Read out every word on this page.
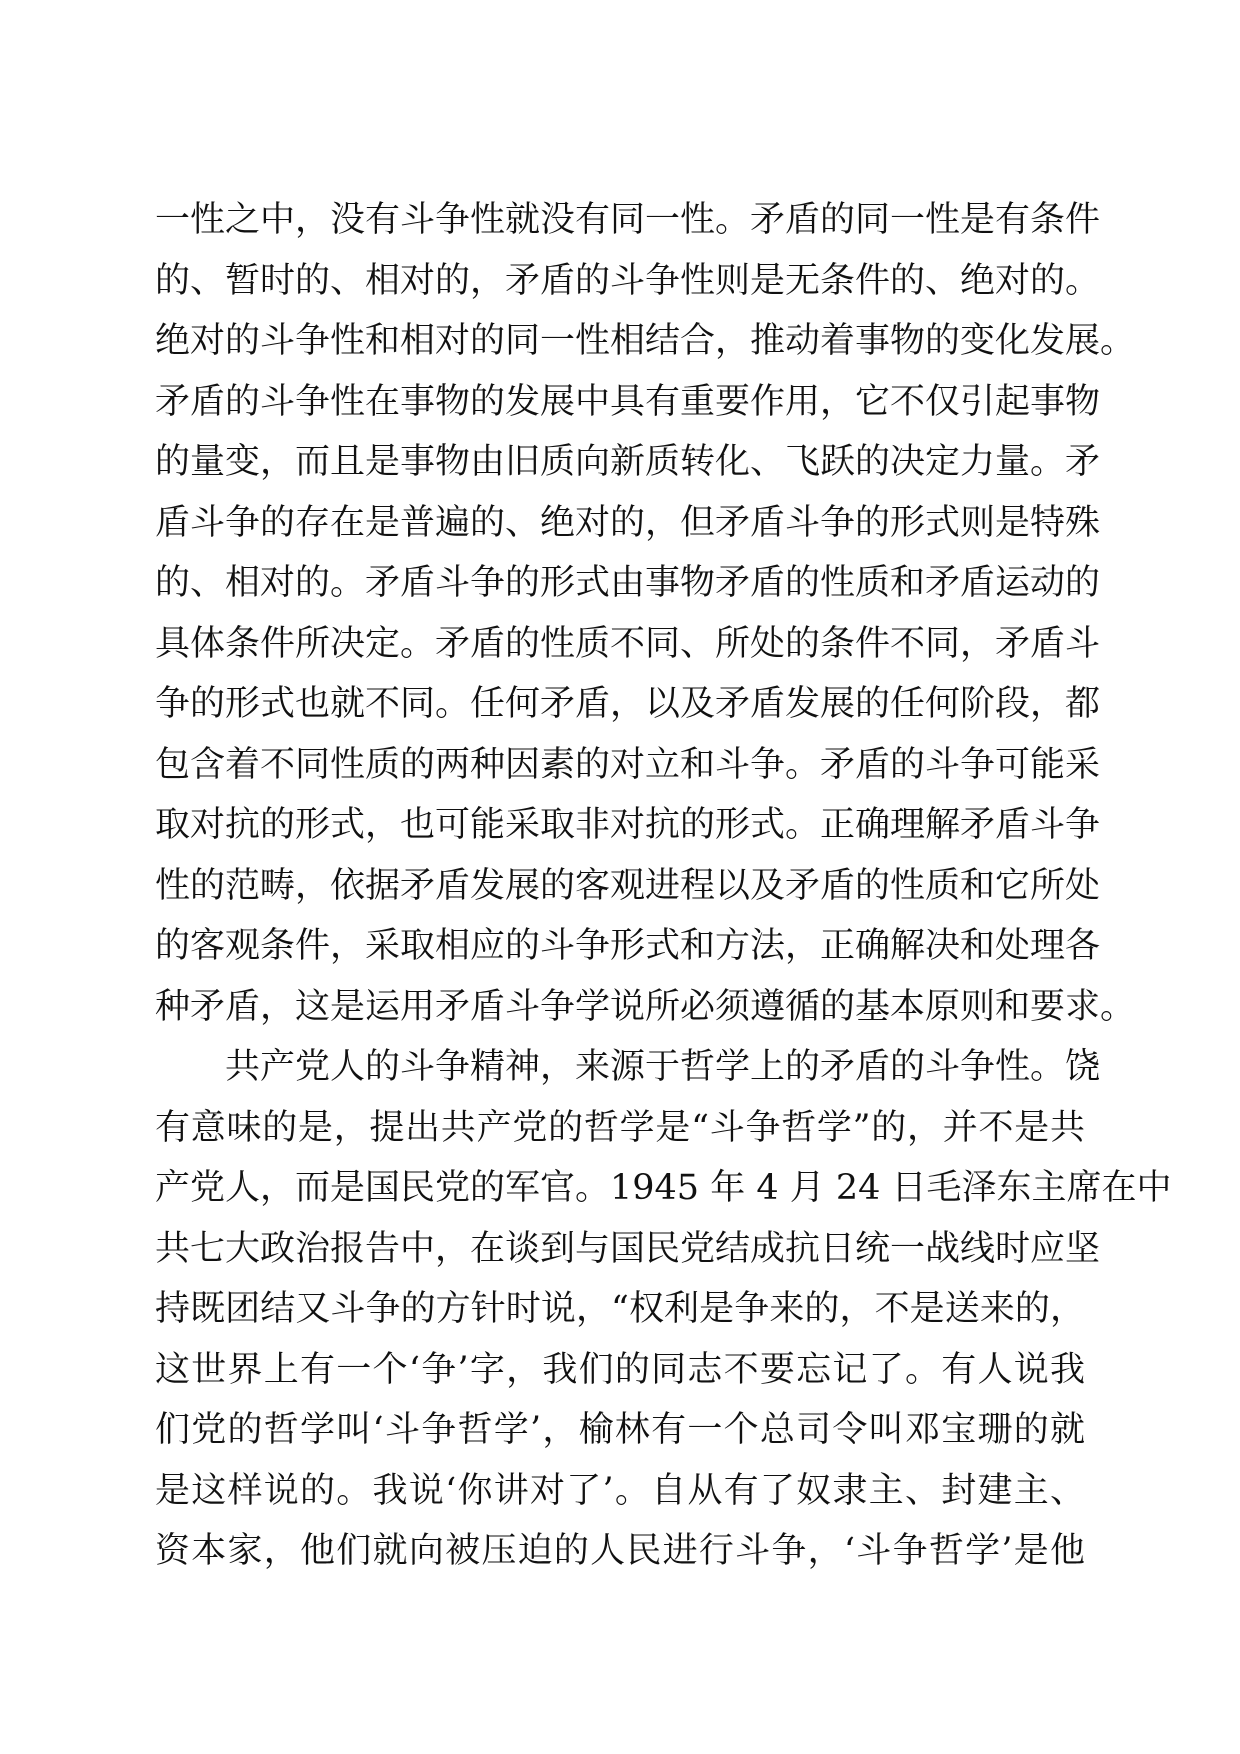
一性之中，没有斗争性就没有同一性。矛盾的同一性是有条件
的、暂时的、相对的，矛盾的斗争性则是无条件的、绝对的。
绝对的斗争性和相对的同一性相结合，推动着事物的变化发展。
矛盾的斗争性在事物的发展中具有重要作用，它不仅引起事物
的量变，而且是事物由旧质向新质转化、飞跃的决定力量。矛
盾斗争的存在是普遍的、绝对的，但矛盾斗争的形式则是特殊
的、相对的。矛盾斗争的形式由事物矛盾的性质和矛盾运动的
具体条件所决定。矛盾的性质不同、所处的条件不同，矛盾斗
争的形式也就不同。任何矛盾，以及矛盾发展的任何阶段，都
包含着不同性质的两种因素的对立和斗争。矛盾的斗争可能采
取对抗的形式，也可能采取非对抗的形式。正确理解矛盾斗争
性的范畴，依据矛盾发展的客观进程以及矛盾的性质和它所处
的客观条件，采取相应的斗争形式和方法，正确解决和处理各
种矛盾，这是运用矛盾斗争学说所必须遵循的基本原则和要求。
共产党人的斗争精神，来源于哲学上的矛盾的斗争性。饶
有意味的是，提出共产党的哲学是“斗争哲学”的，并不是共
产党人，而是国民党的军官。1945 年 4 月 24 日毛泽东主席在中
共七大政治报告中，在谈到与国民党结成抗日统一战线时应坚
持既团结又斗争的方针时说，“权利是争来的，不是送来的，
这世界上有一个‘争’字，我们的同志不要忘记了。有人说我
们党的哲学叫‘斗争哲学’，榆林有一个总司令叫邓宝珊的就
是这样说的。我说‘你讲对了’。自从有了奴隶主、封建主、
资本家，他们就向被压迫的人民进行斗争，‘斗争哲学’是他
